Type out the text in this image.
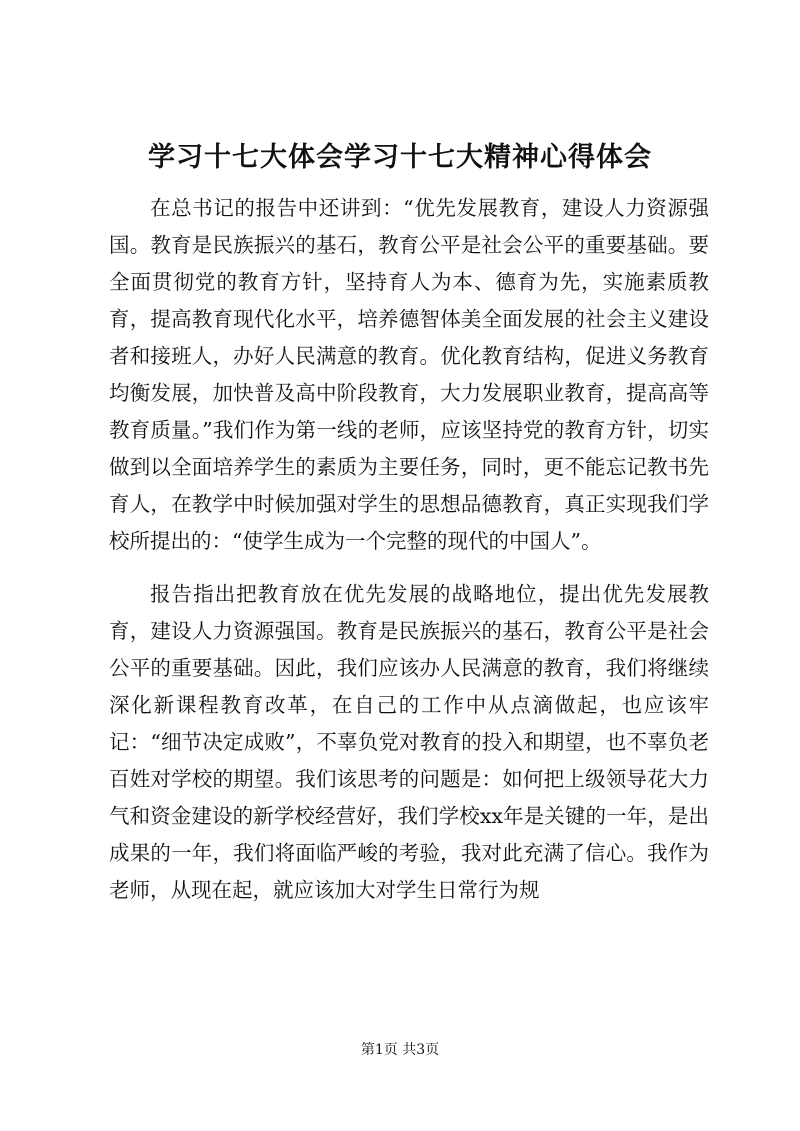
学习十七大体会学习十七大精神心得体会

在总书记的报告中还讲到：“优先发展教育，建设人力资源强国。教育是民族振兴的基石，教育公平是社会公平的重要基础。要全面贯彻党的教育方针，坚持育人为本、德育为先，实施素质教育，提高教育现代化水平，培养德智体美全面发展的社会主义建设者和接班人，办好人民满意的教育。优化教育结构，促进义务教育均衡发展，加快普及高中阶段教育，大力发展职业教育，提高高等教育质量。”我们作为第一线的老师，应该坚持党的教育方针，切实做到以全面培养学生的素质为主要任务，同时，更不能忘记教书先育人，在教学中时候加强对学生的思想品德教育，真正实现我们学校所提出的：“使学生成为一个完整的现代的中国人”。

报告指出把教育放在优先发展的战略地位，提出优先发展教育，建设人力资源强国。教育是民族振兴的基石，教育公平是社会公平的重要基础。因此，我们应该办人民满意的教育，我们将继续深化新课程教育改革，在自己的工作中从点滴做起，也应该牢记：“细节决定成败”，不辜负党对教育的投入和期望，也不辜负老百姓对学校的期望。我们该思考的问题是：如何把上级领导花大力气和资金建设的新学校经营好，我们学校xx年是关键的一年，是出成果的一年，我们将面临严峻的考验，我对此充满了信心。我作为老师，从现在起，就应该加大对学生日常行为规

第1页 共3页
